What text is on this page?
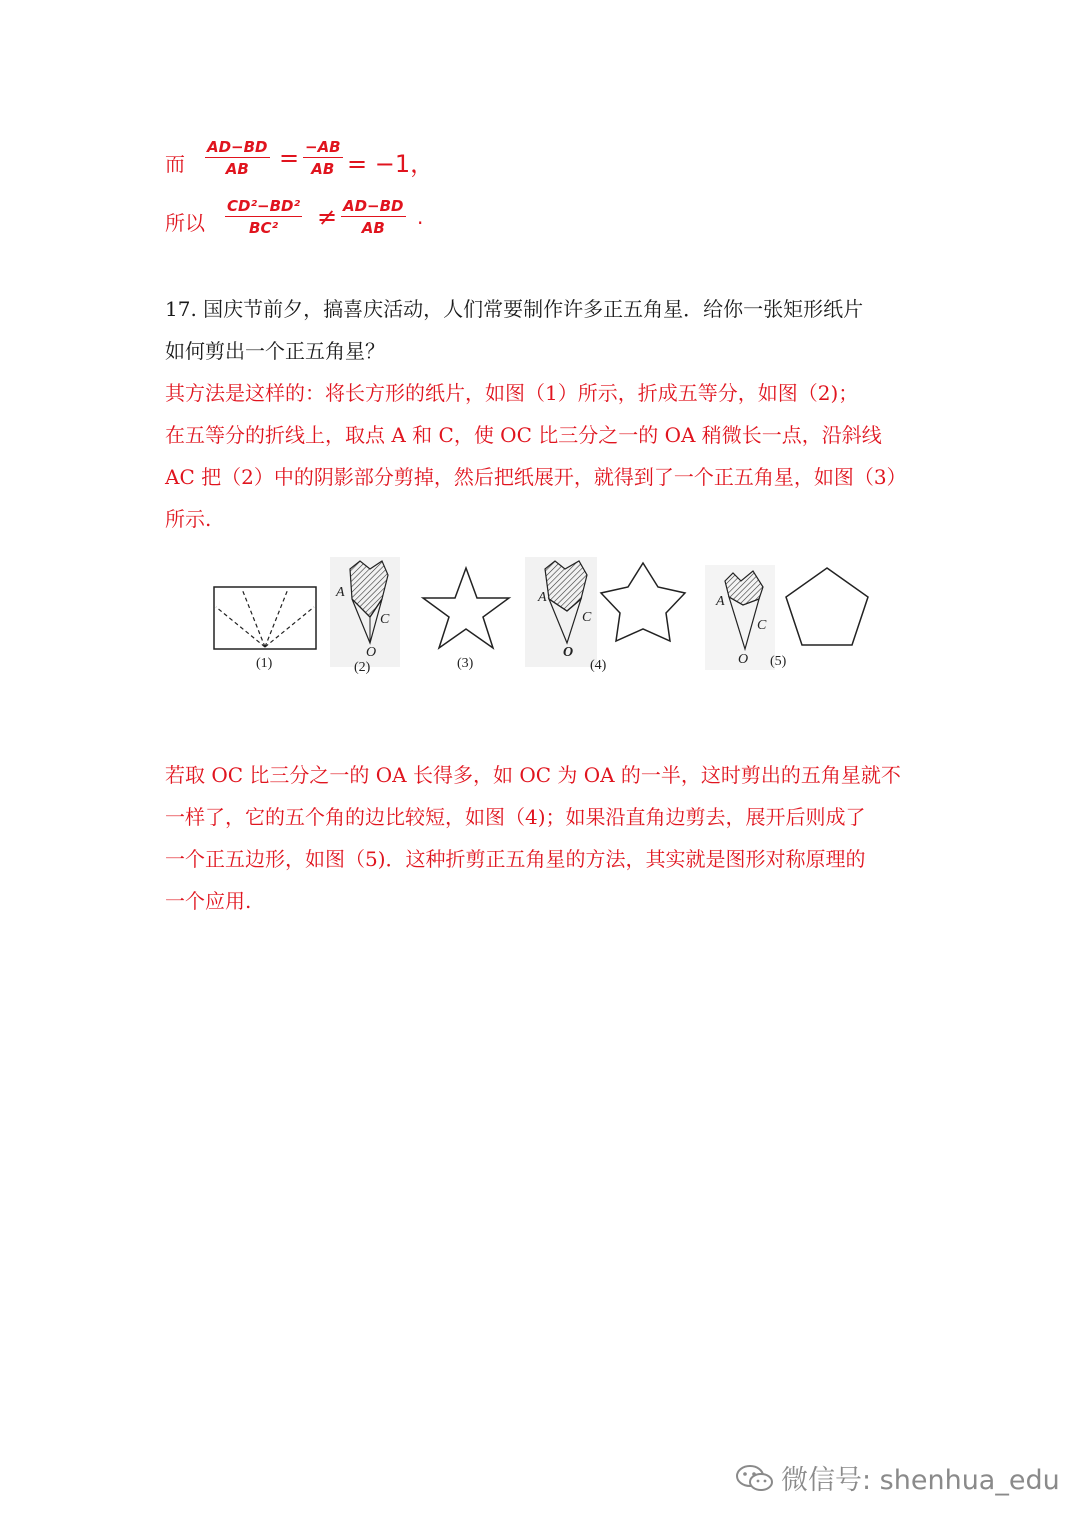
而
AD−BD
AB = −AB
AB = −1，
所以
CD²−BD²
BC² ≠ AD−BD
AB .

17. 国庆节前夕，搞喜庆活动，人们常要制作许多正五角星．给你一张矩形纸片

如何剪出一个正五角星？

其方法是这样的：将长方形的纸片，如图（1）所示，折成五等分，如图（2)；

在五等分的折线上，取点 A 和 C，使 OC 比三分之一的 OA 稍微长一点，沿斜线

AC 把（2）中的阴影部分剪掉，然后把纸展开，就得到了一个正五角星，如图（3）

所示.

(1)
A
C
O
(2)	(3)
A
C
O
(4)
A
C
O (5)

若取 OC 比三分之一的 OA 长得多，如 OC 为 OA 的一半，这时剪出的五角星就不

一样了，它的五个角的边比较短，如图（4)；如果沿直角边剪去，展开后则成了

一个正五边形，如图（5)．这种折剪正五角星的方法，其实就是图形对称原理的

一个应用.

微信号: shenhua_edu
